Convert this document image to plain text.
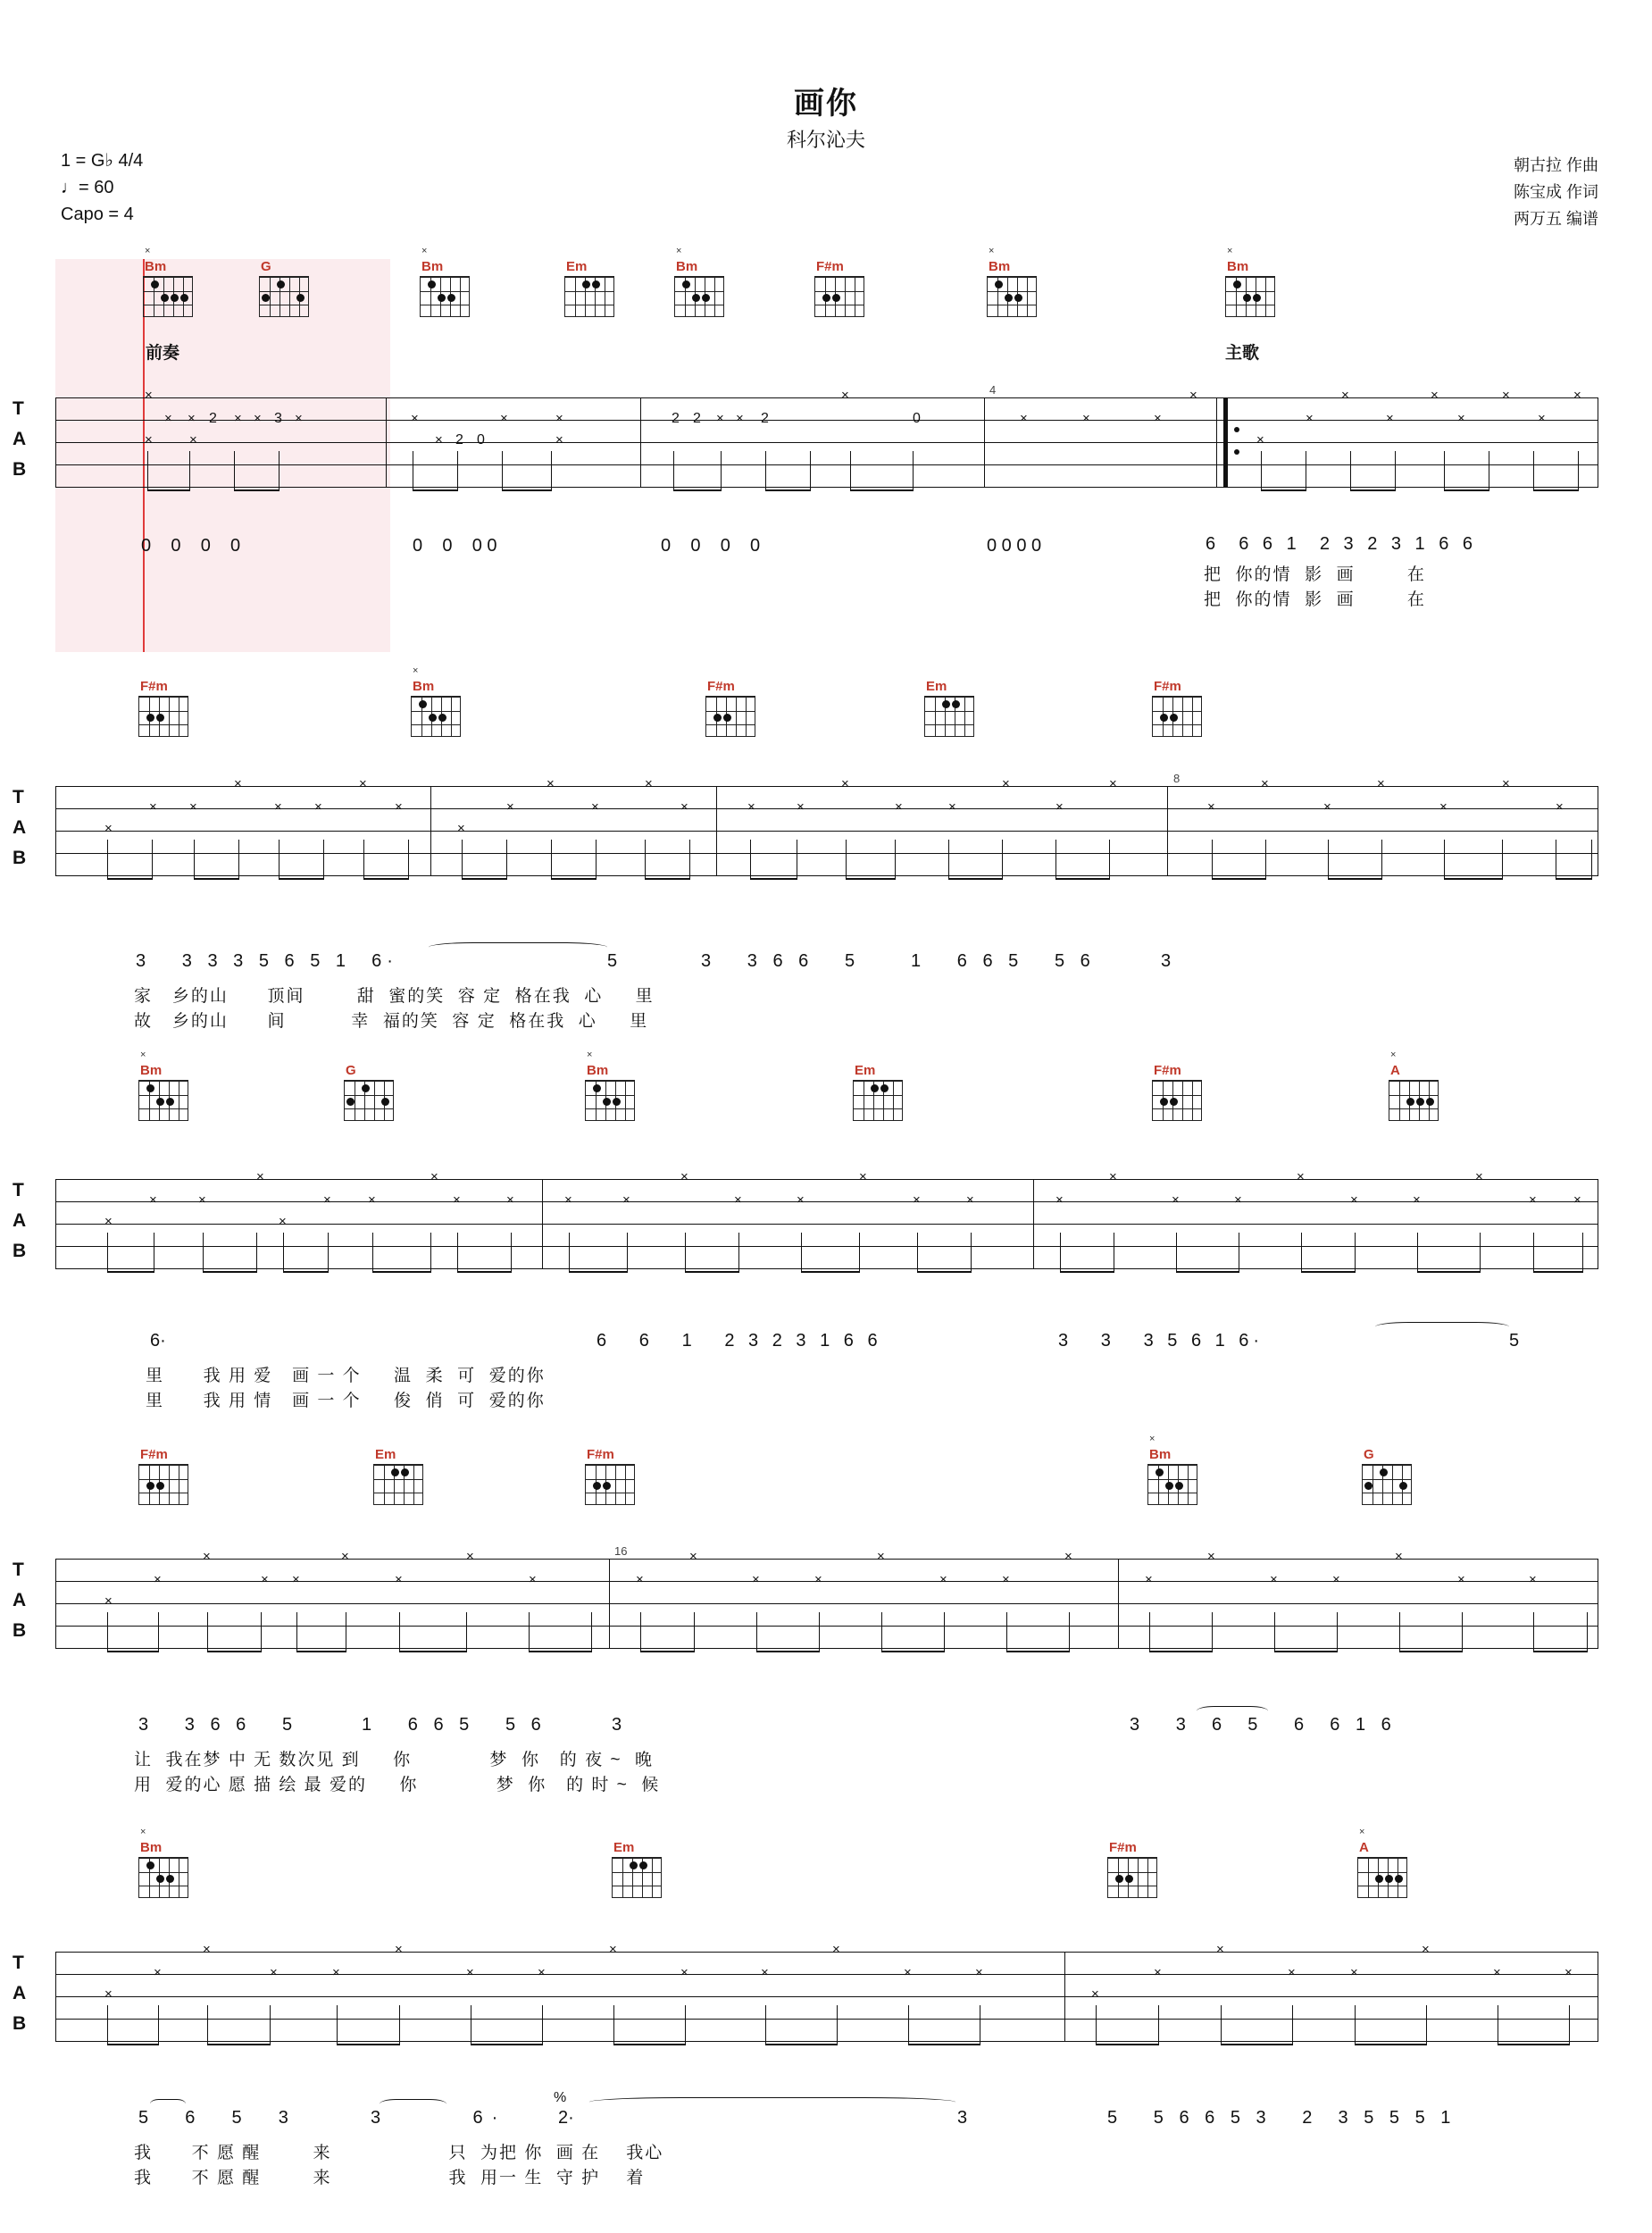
画你
科尔沁夫
1 = G♭ 4/4
♩= 60
Capo = 4
朝古拉 作曲
陈宝成 作词
两万五 编谱
前奏	主歌
Bm
×
G	Bm
×
Em	Bm
×
F#m	Bm
×
Bm
×
T
A
B
4
×
×
× × 2 × × 3 ×
×
×
× 2 0
×	×	2 2 × × 2
×
0
×
×	×	×
×
×
×
×
×
×
×
×
×
×
0    0    0    0	0    0    0 0	0    0    0    0	0 0 0 0	6  6 6 1  2 3 2 3 1 6 6
把  你的情  影  画        在
把  你的情  影  画        在
F#m	Bm
×
F#m	Em	F#m
T
A
B
8
×
× ×
×
× ×
×
×
×
×
×
×
×
×	×	×
×
×	×
×
×
×
×
×
×
×
×
×
×
3   3 3 3 5 6 5 1  6·	5	3   3 6 6   5	1   6 6 5   5 6	3
家   乡的山      顶间        甜  蜜的笑  容 定  格在我  心     里
故   乡的山      间          幸  福的笑  容 定  格在我  心     里
Bm
×
G	Bm
×
Em	F#m	A
×
T
A
B
×
×	×
×
×
×	×
×
×	×	×	×
×
×	×
×
×	×	×
×
×	×
×
×	×
×
×	×
6·	6   6   1   2 3 2 3 1 6 6	3   3   3 5 6 1 6·	5
里      我 用 爱   画 一 个     温  柔  可  爱的你
里      我 用 情   画 一 个     俊  俏  可  爱的你
F#m	Em	F#m	Bm
×
G
T
A
B
16
×
×
×
× ×
×
×
×
×	×
×
×	×
×
×	×
×
×
×
×	×
×
×	×
3   3 6 6   5	1   6 6 5   5 6	3	3   3  6  5   6  6 1 6
让  我在梦 中 无 数次见 到     你            梦  你   的 夜 ~  晚
用  爱的心 愿 描 绘 最 爱的     你            梦  你   的 时 ~  候
Bm
×
Em	F#m	A
×
T
A
B
×
×
×
×	×
×
×	×
×
×	×
×
×	×
×
×
×
×	×
×
×	×
5  6  5  3	3      6·
%
2·	3	5   5 6 6 5 3   2  3 5 5 5 1
我      不 愿 醒        来                  只  为把 你  画 在    我心
我      不 愿 醒        来                  我  用一 生  守 护    着
